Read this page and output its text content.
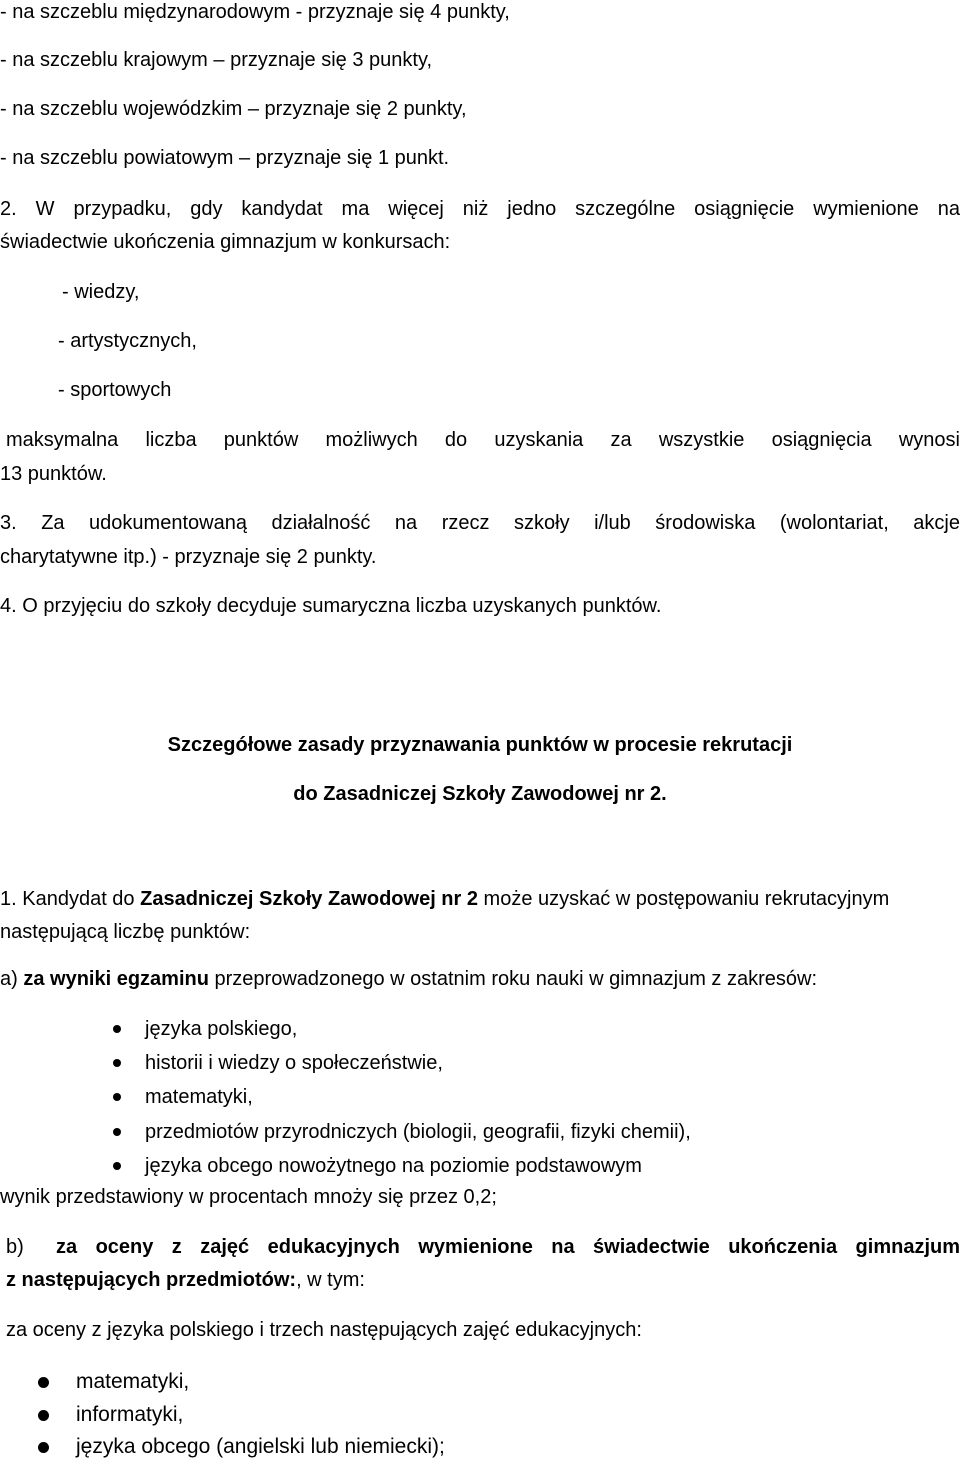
- na szczeblu międzynarodowym - przyznaje się 4 punkty,
- na szczeblu krajowym – przyznaje się 3 punkty,
- na szczeblu wojewódzkim – przyznaje się 2 punkty,
- na szczeblu powiatowym – przyznaje się 1 punkt.
2. W przypadku, gdy kandydat ma więcej niż jedno szczególne osiągnięcie wymienione na
świadectwie ukończenia gimnazjum w konkursach:
- wiedzy,
- artystycznych,
- sportowych
maksymalna liczba punktów możliwych do uzyskania za wszystkie osiągnięcia wynosi
13 punktów.
3. Za udokumentowaną działalność na rzecz szkoły i/lub środowiska (wolontariat, akcje
charytatywne itp.) - przyznaje się 2 punkty.
4. O przyjęciu do szkoły decyduje sumaryczna liczba uzyskanych punktów.
Szczegółowe zasady przyznawania punktów w procesie rekrutacji
do Zasadniczej Szkoły Zawodowej nr 2.
1. Kandydat do Zasadniczej Szkoły Zawodowej nr 2 może uzyskać w postępowaniu rekrutacyjnym
następującą liczbę punktów:
a) za wyniki egzaminu przeprowadzonego w ostatnim roku nauki w gimnazjum z zakresów:
języka polskiego,
historii i wiedzy o społeczeństwie,
matematyki,
przedmiotów przyrodniczych (biologii, geografii, fizyki chemii),
języka obcego nowożytnego na poziomie podstawowym
wynik przedstawiony w procentach mnoży się przez 0,2;
b) za oceny z zajęć edukacyjnych wymienione na świadectwie ukończenia gimnazjum
z następujących przedmiotów:, w tym:
za oceny z języka polskiego i trzech następujących zajęć edukacyjnych:
matematyki,
informatyki,
języka obcego (angielski lub niemiecki);
